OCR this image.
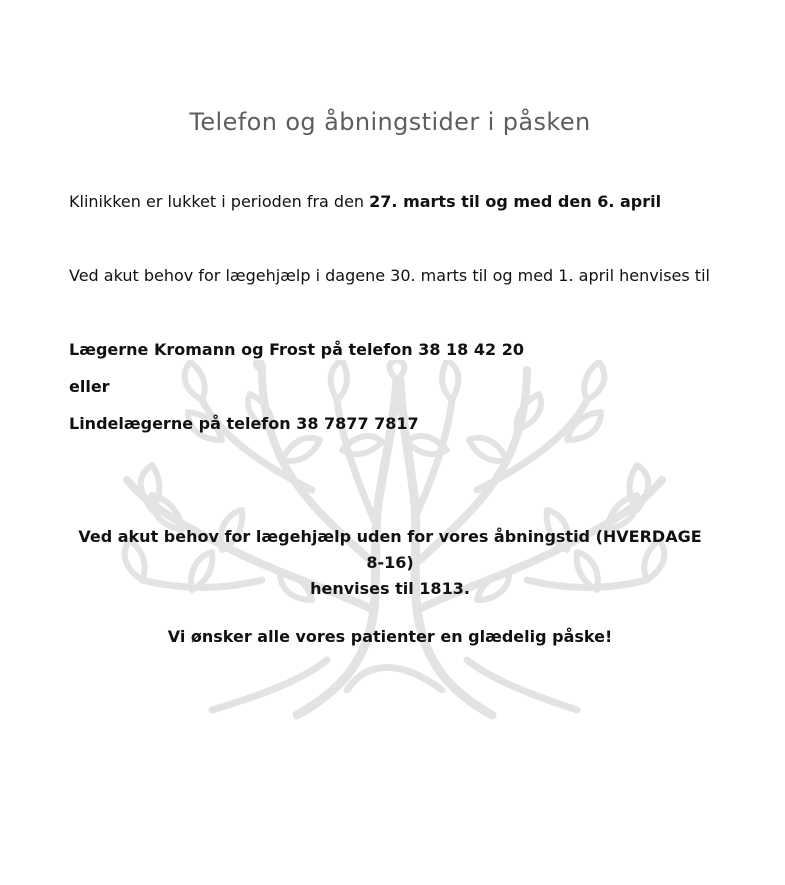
Telefon og åbningstider i påsken

Klinikken er lukket i perioden fra den 27. marts til og med den 6. april

Ved akut behov for lægehjælp i dagene 30. marts til og med 1. april henvises til

Lægerne Kromann og Frost på telefon 38 18 42 20

eller

Lindelægerne på telefon 38 7877 7817

Ved akut behov for lægehjælp uden for vores åbningstid (HVERDAGE 8-16)
henvises til 1813.

Vi ønsker alle vores patienter en glædelig påske!
